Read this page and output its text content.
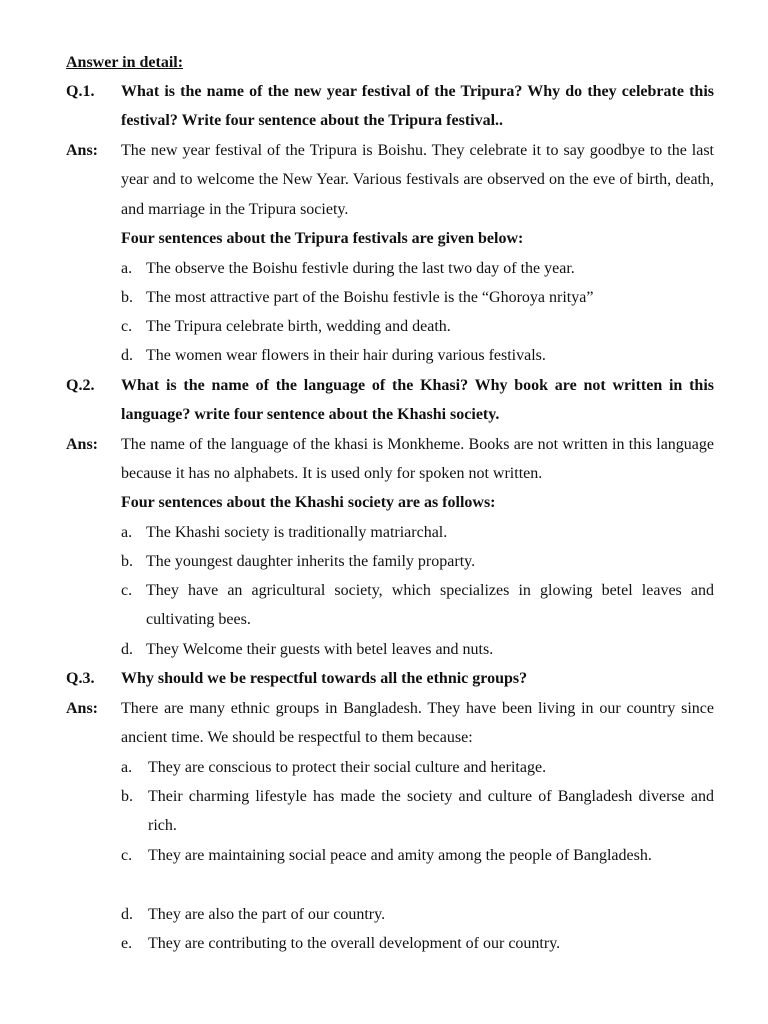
Answer in detail:
Q.1.	What is the name of the new year festival of the Tripura? Why do they celebrate this festival? Write four sentence about the Tripura festival..
Ans:	The new year festival of the Tripura is Boishu. They celebrate it to say goodbye to the last year and to welcome the New Year. Various festivals are observed on the eve of birth, death, and marriage in the Tripura society.
Four sentences about the Tripura festivals are given below:
a. The observe the Boishu festivle during the last two day of the year.
b. The most attractive part of the Boishu festivle is the “Ghoroya nritya”
c. The Tripura celebrate birth, wedding and death.
d. The women wear flowers in their hair during various festivals.
Q.2.	What is the name of the language of the Khasi? Why book are not written in this language? write four sentence about the Khashi society.
Ans:	The name of the language of the khasi is Monkheme. Books are not written in this language because it has no alphabets. It is used only for spoken not written.
Four sentences about the Khashi society are as follows:
a. The Khashi society is traditionally matriarchal.
b. The youngest daughter inherits the family proparty.
c. They have an agricultural society, which specializes in glowing betel leaves and cultivating bees.
d. They Welcome their guests with betel leaves and nuts.
Q.3.	Why should we be respectful towards all the ethnic groups?
Ans:	There are many ethnic groups in Bangladesh. They have been living in our country since ancient time. We should be respectful to them because:
a. They are conscious to protect their social culture and heritage.
b. Their charming lifestyle has made the society and culture of Bangladesh diverse and rich.
c. They are maintaining social peace and amity among the people of Bangladesh.
d. They are also the part of our country.
e. They are contributing to the overall development of our country.
